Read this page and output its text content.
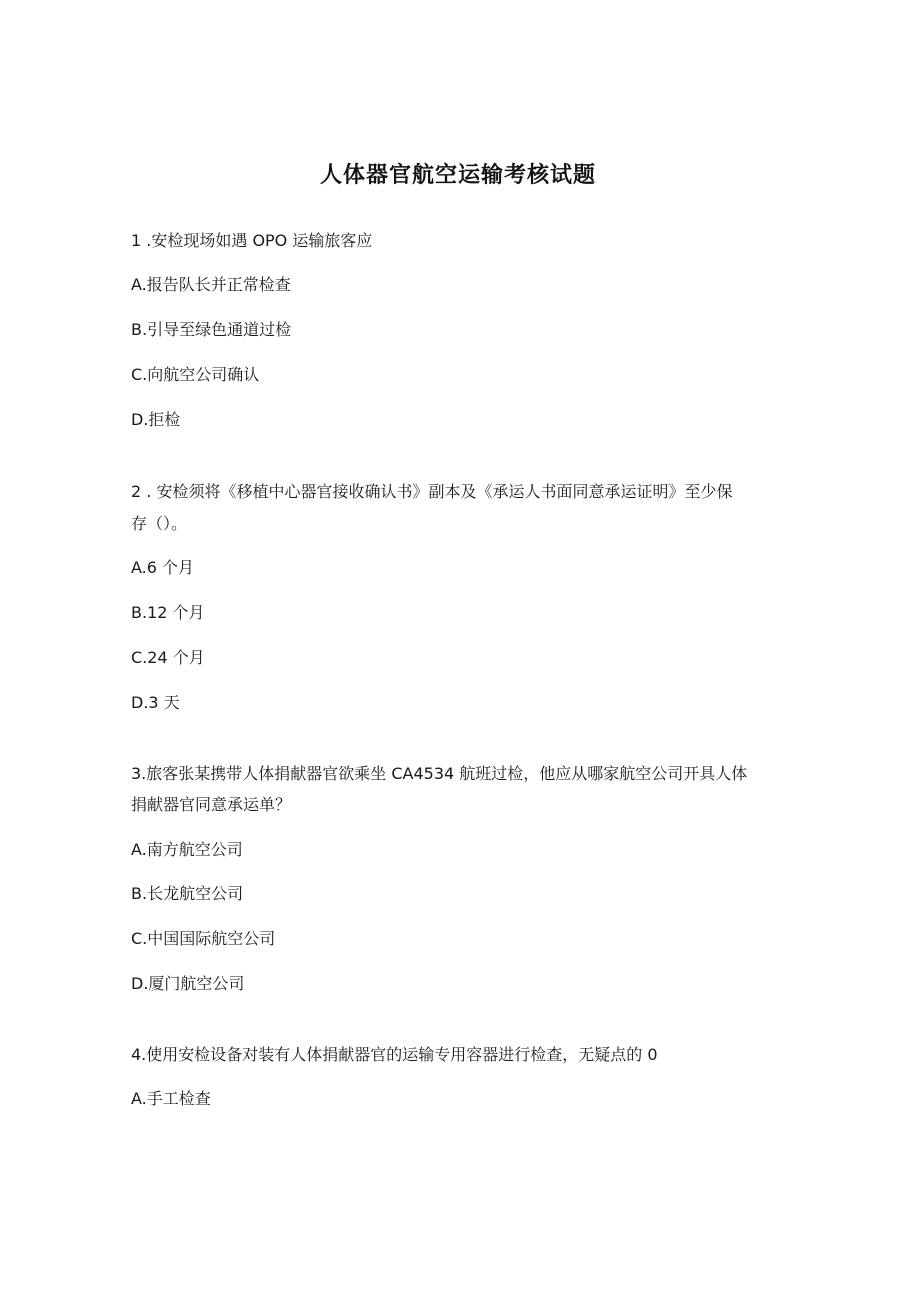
人体器官航空运输考核试题
1 .安检现场如遇 OPO 运输旅客应
A.报告队长并正常检查
B.引导至绿色通道过检
C.向航空公司确认
D.拒检
2 . 安检须将《移植中心器官接收确认书》副本及《承运人书面同意承运证明》至少保
存（）。
A.6 个月
B.12 个月
C.24 个月
D.3 天
3.旅客张某携带人体捐献器官欲乘坐 CA4534 航班过检，他应从哪家航空公司开具人体
捐献器官同意承运单？
A.南方航空公司
B.长龙航空公司
C.中国国际航空公司
D.厦门航空公司
4.使用安检设备对装有人体捐献器官的运输专用容器进行检查，无疑点的 0
A.手工检查
